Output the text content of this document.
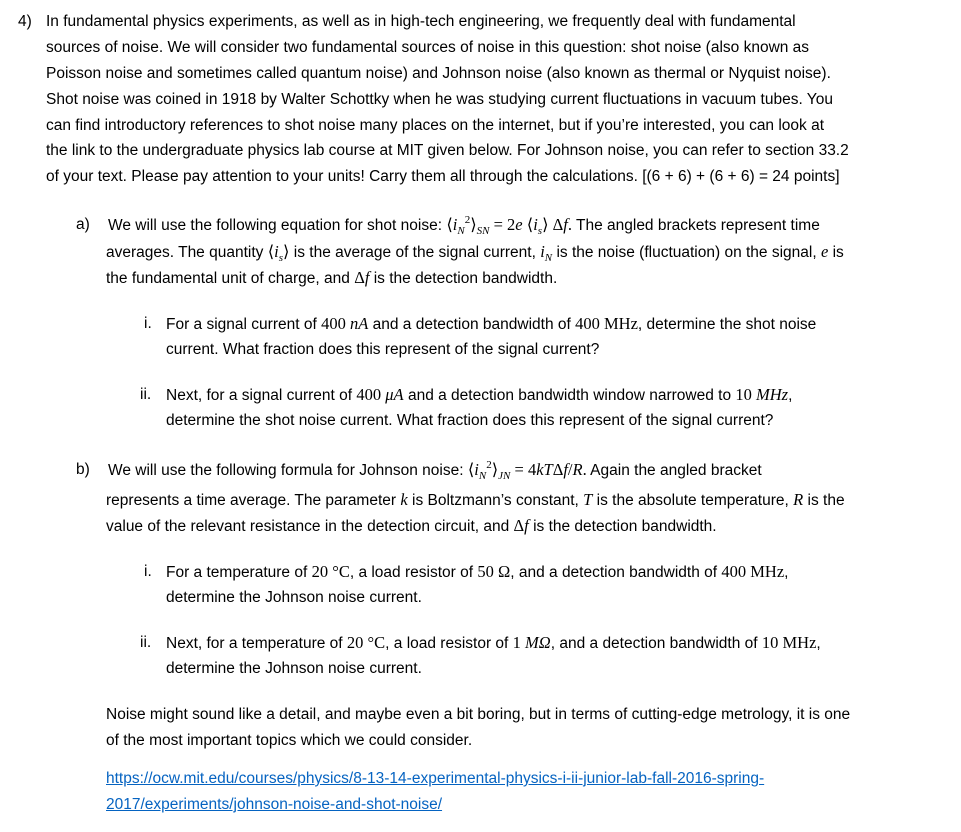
4) In fundamental physics experiments, as well as in high-tech engineering, we frequently deal with fundamental
sources of noise. We will consider two fundamental sources of noise in this question: shot noise (also known as
Poisson noise and sometimes called quantum noise) and Johnson noise (also known as thermal or Nyquist noise).
Shot noise was coined in 1918 by Walter Schottky when he was studying current fluctuations in vacuum tubes. You
can find introductory references to shot noise many places on the internet, but if you’re interested, you can look at
the link to the undergraduate physics lab course at MIT given below. For Johnson noise, you can refer to section 33.2
of your text. Please pay attention to your units! Carry them all through the calculations. [(6 + 6) + (6 + 6) = 24 points]
a) We will use the following equation for shot noise: $⟨i_N^2⟩_{SN} = 2e$ $⟨i_s⟩$ Δf. The angled brackets represent time
averages. The quantity $⟨i_s⟩$ is the average of the signal current, $i_N$ is the noise (fluctuation) on the signal, e is
the fundamental unit of charge, and Δf is the detection bandwidth.
i. For a signal current of 400 nA and a detection bandwidth of 400 MHz, determine the shot noise
current. What fraction does this represent of the signal current?
ii. Next, for a signal current of 400 μA and a detection bandwidth window narrowed to 10 MHz,
determine the shot noise current. What fraction does this represent of the signal current?
b) We will use the following formula for Johnson noise: $⟨i_N^2⟩_{JN} = 4kT\Delta f/R$. Again the angled bracket
represents a time average. The parameter k is Boltzmann’s constant, T is the absolute temperature, R is the
value of the relevant resistance in the detection circuit, and Δf is the detection bandwidth.
i. For a temperature of 20 °C, a load resistor of 50 Ω, and a detection bandwidth of 400 MHz,
determine the Johnson noise current.
ii. Next, for a temperature of 20 °C, a load resistor of 1 MΩ, and a detection bandwidth of 10 MHz,
determine the Johnson noise current.
Noise might sound like a detail, and maybe even a bit boring, but in terms of cutting-edge metrology, it is one
of the most important topics which we could consider.
https://ocw.mit.edu/courses/physics/8-13-14-experimental-physics-i-ii-junior-lab-fall-2016-spring-
2017/experiments/johnson-noise-and-shot-noise/
